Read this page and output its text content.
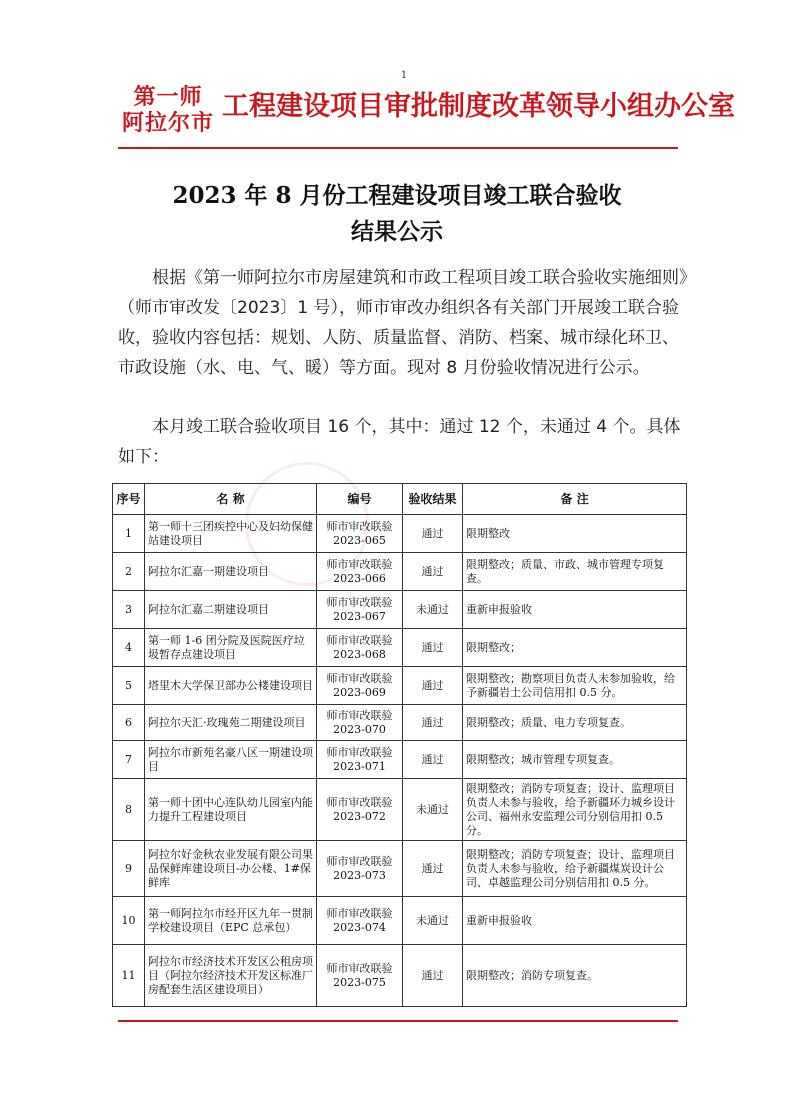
1
第一师
阿拉尔市
工程建设项目审批制度改革领导小组办公室
2023 年 8 月份工程建设项目竣工联合验收
结果公示
根据《第一师阿拉尔市房屋建筑和市政工程项目竣工联合验收实施细则》（师市审改发〔2023〕1 号），师市审改办组织各有关部门开展竣工联合验收，验收内容包括：规划、人防、质量监督、消防、档案、城市绿化环卫、市政设施（水、电、气、暖）等方面。现对 8 月份验收情况进行公示。
本月竣工联合验收项目 16 个，其中：通过 12 个，未通过 4 个。具体如下：
序号	名 称	编号	验收结果	备 注
1	第一师十三团疾控中心及妇幼保健站建设项目	师市审改联验 2023-065	通过	限期整改
2	阿拉尔汇嘉一期建设项目	师市审改联验 2023-066	通过	限期整改；质量、市政、城市管理专项复查。
3	阿拉尔汇嘉二期建设项目	师市审改联验 2023-067	未通过	重新申报验收
4	第一师 1-6 团分院及医院医疗垃圾暂存点建设项目	师市审改联验 2023-068	通过	限期整改；
5	塔里木大学保卫部办公楼建设项目	师市审改联验 2023-069	通过	限期整改；勘察项目负责人未参加验收，给予新疆岩土公司信用扣 0.5 分。
6	阿拉尔天汇·玫瑰苑二期建设项目	师市审改联验 2023-070	通过	限期整改；质量、电力专项复查。
7	阿拉尔市新苑名豪八区一期建设项目	师市审改联验 2023-071	通过	限期整改；城市管理专项复查。
8	第一师十团中心连队幼儿园室内能力提升工程建设项目	师市审改联验 2023-072	未通过	限期整改；消防专项复查；设计、监理项目负责人未参与验收，给予新疆环力城乡设计公司、福州永安监理公司分别信用扣 0.5 分。
9	阿拉尔好金秋农业发展有限公司果品保鲜库建设项目-办公楼、1#保鲜库	师市审改联验 2023-073	通过	限期整改；消防专项复查；设计、监理项目负责人未参与验收，给予新疆煤炭设计公司、卓越监理公司分别信用扣 0.5 分。
10	第一师阿拉尔市经开区九年一贯制学校建设项目（EPC 总承包）	师市审改联验 2023-074	未通过	重新申报验收
11	阿拉尔市经济技术开发区公租房项目（阿拉尔经济技术开发区标准厂房配套生活区建设项目）	师市审改联验 2023-075	通过	限期整改；消防专项复查。
